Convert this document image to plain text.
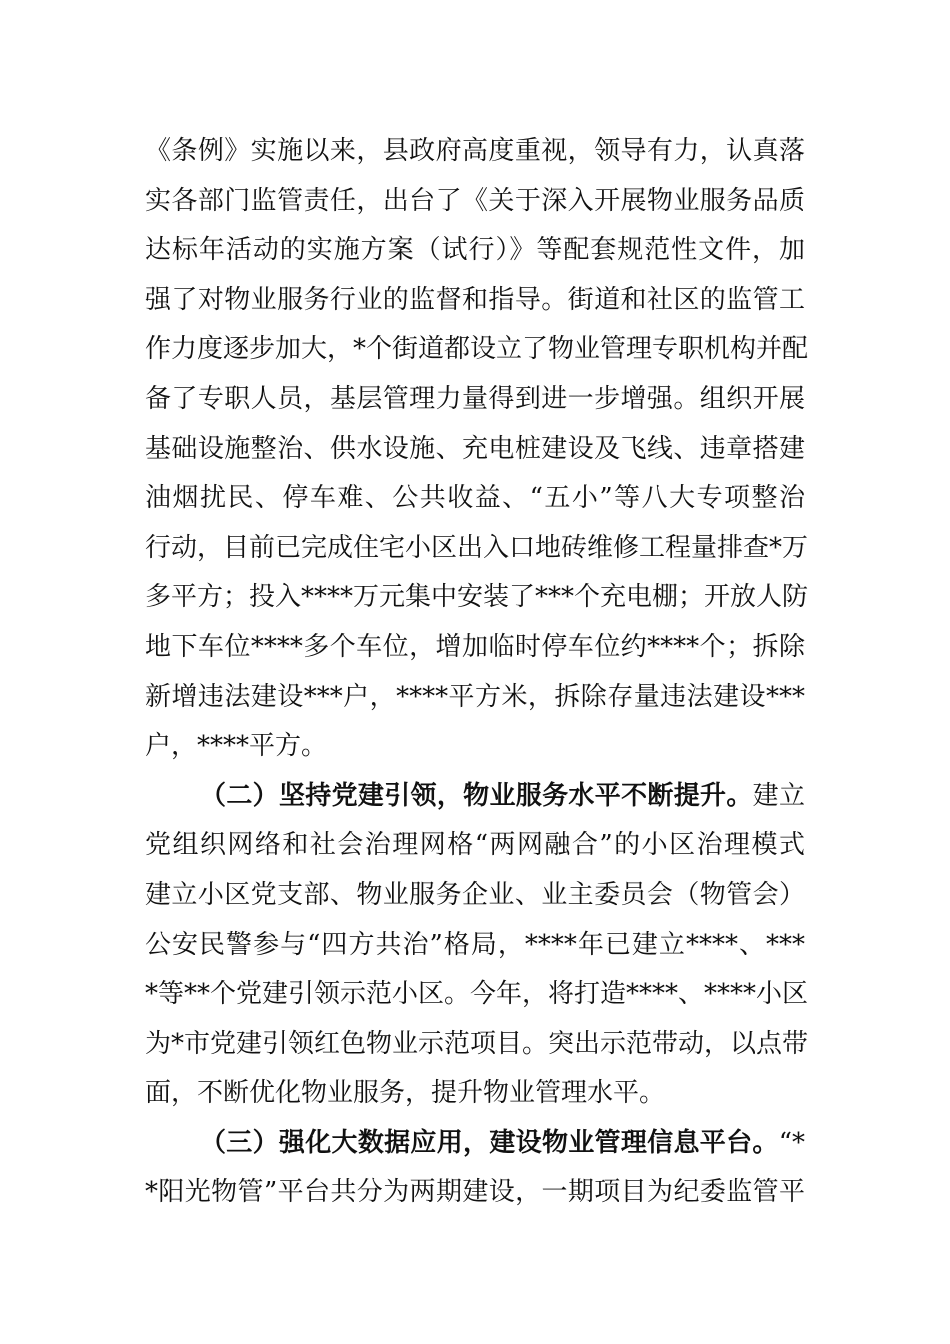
《条例》实施以来，县政府高度重视，领导有力，认真落
实各部门监管责任，出台了《关于深入开展物业服务品质
达标年活动的实施方案（试行）》等配套规范性文件，加
强了对物业服务行业的监督和指导。街道和社区的监管工
作力度逐步加大，*个街道都设立了物业管理专职机构并配
备了专职人员，基层管理力量得到进一步增强。组织开展
基础设施整治、供水设施、充电桩建设及飞线、违章搭建
油烟扰民、停车难、公共收益、“五小”等八大专项整治
行动，目前已完成住宅小区出入口地砖维修工程量排查*万
多平方；投入****万元集中安装了***个充电棚；开放人防
地下车位****多个车位，增加临时停车位约****个；拆除
新增违法建设***户，****平方米，拆除存量违法建设***
户，****平方。
（二）坚持党建引领，物业服务水平不断提升。建立
党组织网络和社会治理网格“两网融合”的小区治理模式
建立小区党支部、物业服务企业、业主委员会（物管会）
公安民警参与“四方共治”格局，****年已建立****、***
*等**个党建引领示范小区。今年，将打造****、****小区
为*市党建引领红色物业示范项目。突出示范带动，以点带
面，不断优化物业服务，提升物业管理水平。
（三）强化大数据应用，建设物业管理信息平台。“*
*阳光物管”平台共分为两期建设，一期项目为纪委监管平
